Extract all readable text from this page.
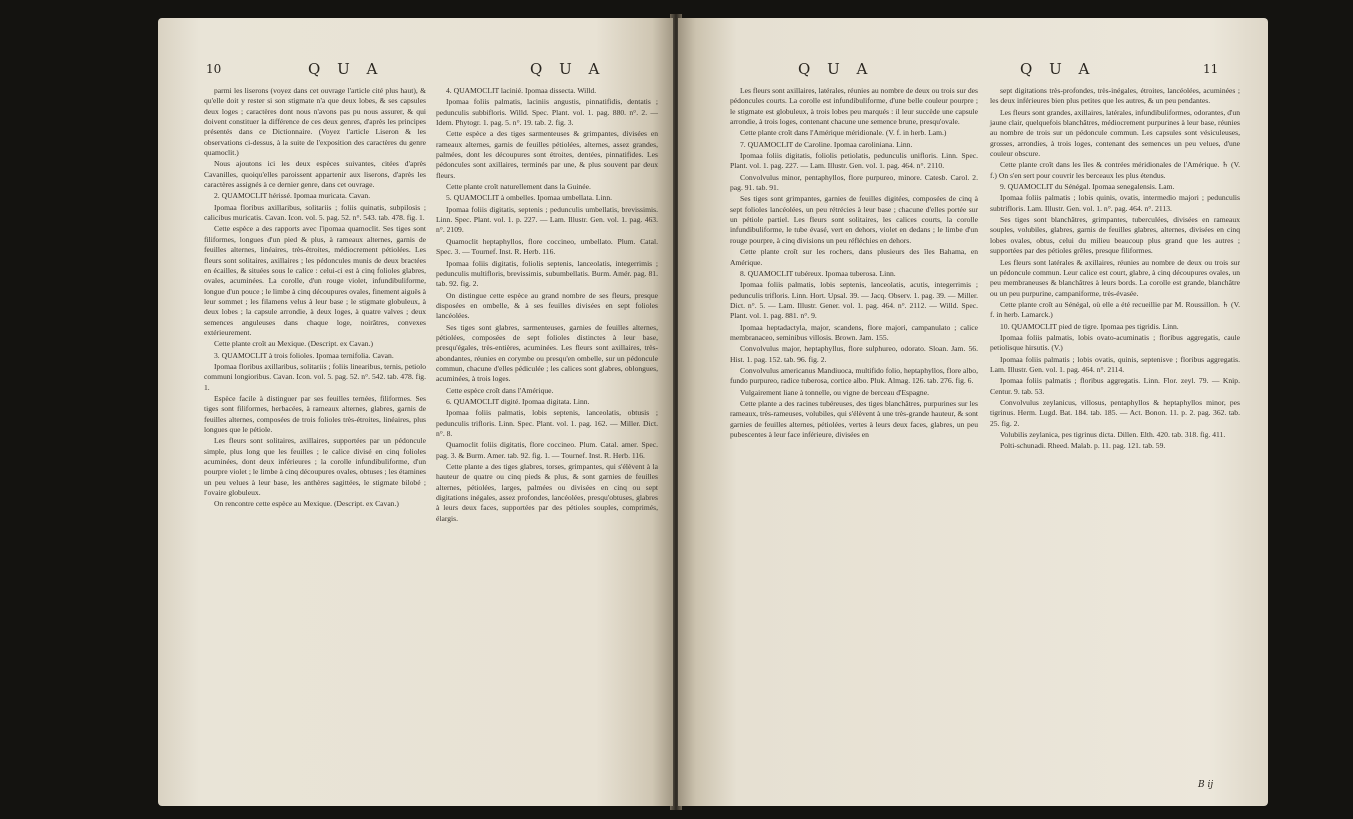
10	Q U A	Q U A

parmi les liserons (voyez dans cet ouvrage l'article cité plus haut), & qu'elle doit y rester si son stigmate n'a que deux lobes, & ses capsules deux loges ; caractères dont nous n'avons pas pu nous assurer, & qui doivent constituer la différence de ces deux genres, d'après les principes présentés dans ce Dictionnaire. (Voyez l'article Liseron & les observations ci-dessus, à la suite de l'exposition des caractères du genre quamoclit.)

Nous ajoutons ici les deux espèces suivantes, citées d'après Cavanilles, quoiqu'elles paroissent appartenir aux liserons, d'après les caractères assignés à ce dernier genre, dans cet ouvrage.

2. QUAMOCLIT hérissé. Ipomaa muricata. Cavan.

Ipomaa floribus axillaribus, solitariis ; foliis quinatis, subpilosis ; calicibus muricatis. Cavan. Icon. vol. 5. pag. 52. n°. 543. tab. 478. fig. 1.

Cette espèce a des rapports avec l'ipomaa quamoclit. Ses tiges sont filiformes, longues d'un pied & plus, à rameaux alternes, garnis de feuilles alternes, linéaires, très-étroites, médiocrement pétiolées. Les fleurs sont solitaires, axillaires ; les pédoncules munis de deux bractées en écailles, & situées sous le calice : celui-ci est à cinq folioles glabres, ovales, acuminées. La corolle, d'un rouge violet, infundibuliforme, longue d'un pouce ; le limbe à cinq découpures ovales, finement aiguës à leur sommet ; les filamens velus à leur base ; le stigmate globuleux, à deux lobes ; la capsule arrondie, à deux loges, à quatre valves ; deux semences anguleuses dans chaque loge, noirâtres, convexes extérieurement.

Cette plante croît au Mexique. (Descript. ex Cavan.)

3. QUAMOCLIT à trois folioles. Ipomaa ternifolia. Cavan.

Ipomaa floribus axillaribus, solitariis ; foliis linearibus, ternis, petiolo communi longioribus. Cavan. Icon. vol. 5. pag. 52. n°. 542. tab. 478. fig. 1.

Espèce facile à distinguer par ses feuilles ternées, filiformes. Ses tiges sont filiformes, herbacées, à rameaux alternes, glabres, garnis de feuilles alternes, composées de trois folioles très-étroites, linéaires, plus longues que le pétiole.

Les fleurs sont solitaires, axillaires, supportées par un pédoncule simple, plus long que les feuilles ; le calice divisé en cinq folioles acuminées, dont deux inférieures ; la corolle infundibuliforme, d'un pourpre violet ; le limbe à cinq découpures ovales, obtuses ; les étamines un peu velues à leur base, les anthères sagittées, le stigmate bilobé ; l'ovaire globuleux.

On rencontre cette espèce au Mexique. (Descript. ex Cavan.)

4. QUAMOCLIT lacinié. Ipomaa dissecta. Willd.

Ipomaa foliis palmatis, laciniis angustis, pinnatifidis, dentatis ; pedunculis subbifloris. Willd. Spec. Plant. vol. 1. pag. 880. n°. 2. — Idem. Phytogr. 1. pag. 5. n°. 19. tab. 2. fig. 3.

Cette espèce a des tiges sarmenteuses & grimpantes, divisées en rameaux alternes, garnis de feuilles pétiolées, alternes, assez grandes, palmées, dont les découpures sont étroites, dentées, pinnatifides. Les pédoncules sont axillaires, terminés par une, & plus souvent par deux fleurs.

Cette plante croît naturellement dans la Guinée.

5. QUAMOCLIT à ombelles. Ipomaa umbellata. Linn.

Ipomaa foliis digitatis, septenis ; pedunculis umbellatis, brevissimis. Linn. Spec. Plant. vol. 1. p. 227. — Lam. Illustr. Gen. vol. 1. pag. 463. n°. 2109.

Quamoclit heptaphyllos, flore coccineo, umbellato. Plum. Catal. Spec. 3. — Tournef. Inst. R. Herb. 116.

Ipomaa foliis digitatis, foliolis septenis, lanceolatis, integerrimis ; pedunculis multifloris, brevissimis, subumbellatis. Burm. Amér. pag. 81. tab. 92. fig. 2.

On distingue cette espèce au grand nombre de ses fleurs, presque disposées en ombelle, & à ses feuilles divisées en sept folioles lancéolées.

Ses tiges sont glabres, sarmenteuses, garnies de feuilles alternes, pétiolées, composées de sept folioles distinctes à leur base, presqu'égales, très-entières, acuminées. Les fleurs sont axillaires, très-abondantes, réunies en corymbe ou presqu'en ombelle, sur un pédoncule commun, chacune d'elles pédiculée ; les calices sont glabres, oblongues, acuminées, à trois loges.

Cette espèce croît dans l'Amérique.

6. QUAMOCLIT digité. Ipomaa digitata. Linn.

Ipomaa foliis palmatis, lobis septenis, lanceolatis, obtusis ; pedunculis trifloris. Linn. Spec. Plant. vol. 1. pag. 162. — Miller. Dict. n°. 8.

Quamoclit foliis digitatis, flore coccineo. Plum. Catal. amer. Spec. pag. 3. & Burm. Amer. tab. 92. fig. 1. — Tournef. Inst. R. Herb. 116.

Cette plante a des tiges glabres, torses, grimpantes, qui s'élèvent à la hauteur de quatre ou cinq pieds & plus, & sont garnies de feuilles alternes, pétiolées, larges, palmées ou divisées en cinq ou sept digitations inégales, assez profondes, lancéolées, presqu'obtuses, glabres à leurs deux faces, supportées par des pétioles souples, comprimés, élargis.

Q U A	Q U A	11

Les fleurs sont axillaires, latérales, réunies au nombre de deux ou trois sur des pédoncules courts. La corolle est infundibuliforme, d'une belle couleur pourpre ; le stigmate est globuleux, à trois lobes peu marqués : il leur succède une capsule arrondie, à trois loges, contenant chacune une semence brune, presqu'ovale.

Cette plante croît dans l'Amérique méridionale. (V. f. in herb. Lam.)

7. QUAMOCLIT de Caroline. Ipomaa caroliniana. Linn.

Ipomaa foliis digitatis, foliolis petiolatis, pedunculis unifloris. Linn. Spec. Plant. vol. 1. pag. 227. — Lam. Illustr. Gen. vol. 1. pag. 464. n°. 2110.

Convolvulus minor, pentaphyllos, flore purpureo, minore. Catesb. Carol. 2. pag. 91. tab. 91.

Ses tiges sont grimpantes, garnies de feuilles digitées, composées de cinq à sept folioles lancéolées, un peu rétrécies à leur base ; chacune d'elles portée sur un pétiole partiel. Les fleurs sont solitaires, les calices courts, la corolle infundibuliforme, le tube évasé, vert en dehors, violet en dedans ; le limbe d'un rouge pourpre, à cinq divisions un peu réfléchies en dehors.

Cette plante croît sur les rochers, dans plusieurs des îles Bahama, en Amérique.

8. QUAMOCLIT tubéreux. Ipomaa tuberosa. Linn.

Ipomaa foliis palmatis, lobis septenis, lanceolatis, acutis, integerrimis ; pedunculis trifloris. Linn. Hort. Upsal. 39. — Jacq. Observ. 1. pag. 39. — Miller. Dict. n°. 5. — Lam. Illustr. Gener. vol. 1. pag. 464. n°. 2112. — Willd. Spec. Plant. vol. 1. pag. 881. n°. 9.

Ipomaa heptadactyla, major, scandens, flore majori, campanulato ; calice membranaceo, seminibus villosis. Brown. Jam. 155.

Convolvulus major, heptaphyllus, flore sulphureo, odorato. Sloan. Jam. 56. Hist. 1. pag. 152. tab. 96. fig. 2.

Convolvulus americanus Mandiuoca, multifido folio, heptaphyllos, flore albo, fundo purpureo, radice tuberosa, cortice albo. Pluk. Almag. 126. tab. 276. fig. 6.

Vulgairement liane à tonnelle, ou vigne de berceau d'Espagne.

Cette plante a des racines tubéreuses, des tiges blanchâtres, purpurines sur les rameaux, très-rameuses, volubiles, qui s'élèvent à une très-grande hauteur, & sont garnies de feuilles alternes, pétiolées, vertes à leurs deux faces, glabres, un peu pubescentes à leur face inférieure, divisées en

sept digitations très-profondes, très-inégales, étroites, lancéolées, acuminées ; les deux inférieures bien plus petites que les autres, & un peu pendantes.

Les fleurs sont grandes, axillaires, latérales, infundibuliformes, odorantes, d'un jaune clair, quelquefois blanchâtres, médiocrement purpurines à leur base, réunies au nombre de trois sur un pédoncule commun. Les capsules sont vésiculeuses, grosses, arrondies, à trois loges, contenant des semences un peu velues, d'une couleur obscure.

Cette plante croît dans les îles & contrées méridionales de l'Amérique. ♄ (V. f.) On s'en sert pour couvrir les berceaux les plus étendus.

9. QUAMOCLIT du Sénégal. Ipomaa senegalensis. Lam.

Ipomaa foliis palmatis ; lobis quinis, ovatis, intermedio majori ; pedunculis subtrifloris. Lam. Illustr. Gen. vol. 1. n°. pag. 464. n°. 2113.

Ses tiges sont blanchâtres, grimpantes, tuberculées, divisées en rameaux souples, volubiles, glabres, garnis de feuilles glabres, alternes, divisées en cinq lobes ovales, obtus, celui du milieu beaucoup plus grand que les autres ; supportées par des pétioles grêles, presque filiformes.

Les fleurs sont latérales & axillaires, réunies au nombre de deux ou trois sur un pédoncule commun. Leur calice est court, glabre, à cinq découpures ovales, un peu membraneuses & blanchâtres à leurs bords. La corolle est grande, blanchâtre ou un peu purpurine, campaniforme, très-évasée.

Cette plante croît au Sénégal, où elle a été recueillie par M. Roussillon. ♄ (V. f. in herb. Lamarck.)

10. QUAMOCLIT pied de tigre. Ipomaa pes tigridis. Linn.

Ipomaa foliis palmatis, lobis ovato-acuminatis ; floribus aggregatis, caule petiolisque hirsutis. (V.)

Ipomaa foliis palmatis ; lobis ovatis, quinis, septenisve ; floribus aggregatis. Lam. Illustr. Gen. vol. 1. pag. 464. n°. 2114.

Ipomaa foliis palmatis ; floribus aggregatis. Linn. Flor. zeyl. 79. — Knip. Centur. 9. tab. 53.

Convolvulus zeylanicus, villosus, pentaphyllos & heptaphyllos minor, pes tigrinus. Herm. Lugd. Bat. 184. tab. 185. — Act. Bonon. 11. p. 2. pag. 362. tab. 25. fig. 2.

Volubilis zeylanica, pes tigrinus dicta. Dillen. Elth. 420. tab. 318. fig. 411.

Polti-schunadi. Rheed. Malab. p. 11. pag. 121. tab. 59.

B ij
